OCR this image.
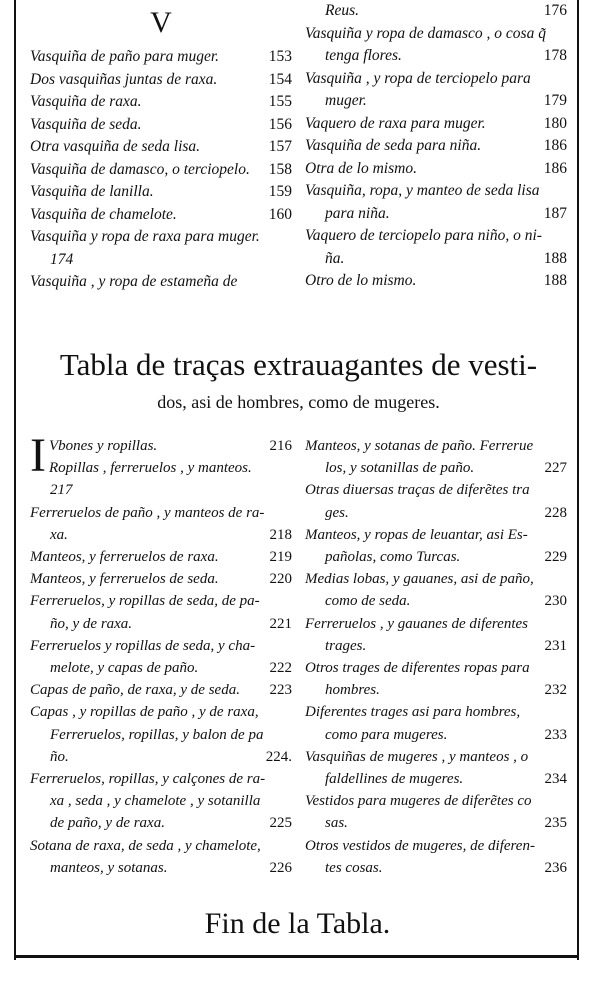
V
153
Vasquiña de paño para muger.
154
Dos vasquiñas juntas de raxa.
155
Vasquiña de raxa.
156
Vasquiña de seda.
157
Otra vasquiña de seda lisa.
158
Vasquiña de damasco, o terciopelo.
159
Vasquiña de lanilla.
160
Vasquiña de chamelote.
Vasquiña y ropa de raxa para muger.
174
Vasquiña , y ropa de estameña de
176
Reus.
Vasquiña y ropa de damasco , o cosa q̃
178
tenga flores.
Vasquiña , y ropa de terciopelo para
179
muger.
180
Vaquero de raxa para muger.
186
Vasquiña de seda para niña.
186
Otra de lo mismo.
Vasquiña, ropa, y manteo de seda lisa
187
para niña.
Vaquero de terciopelo para niño, o ni-
188
ña.
188
Otro de lo mismo.
Tabla de traças extrauagantes de vesti-
dos, asi de hombres, como de mugeres.
I	216
Vbones y ropillas.
Ropillas , ferreruelos , y manteos.
217
Ferreruelos de paño , y manteos de ra-
218
xa.
219
Manteos, y ferreruelos de raxa.
220
Manteos, y ferreruelos de seda.
Ferreruelos, y ropillas de seda, de pa-
221
ño, y de raxa.
Ferreruelos y ropillas de seda, y cha-
222
melote, y capas de paño.
223
Capas de paño, de raxa, y de seda.
Capas , y ropillas de paño , y de raxa,
Ferreruelos, ropillas, y balon de pa
224.
ño.
Ferreruelos, ropillas, y calçones de ra-
xa , seda , y chamelote , y sotanilla
225
de paño, y de raxa.
Sotana de raxa, de seda , y chamelote,
226
manteos, y sotanas.
Manteos, y sotanas de paño. Ferrerue
227
los, y sotanillas de paño.
Otras diuersas traças de diferẽtes tra
228
ges.
Manteos, y ropas de leuantar, asi Es-
229
pañolas, como Turcas.
Medias lobas, y gauanes, asi de paño,
230
como de seda.
Ferreruelos , y gauanes de diferentes
231
trages.
Otros trages de diferentes ropas para
232
hombres.
Diferentes trages asi para hombres,
233
como para mugeres.
Vasquiñas de mugeres , y manteos , o
234
faldellines de mugeres.
Vestidos para mugeres de diferẽtes co
235
sas.
Otros vestidos de mugeres, de diferen-
236
tes cosas.
Fin de la Tabla.
